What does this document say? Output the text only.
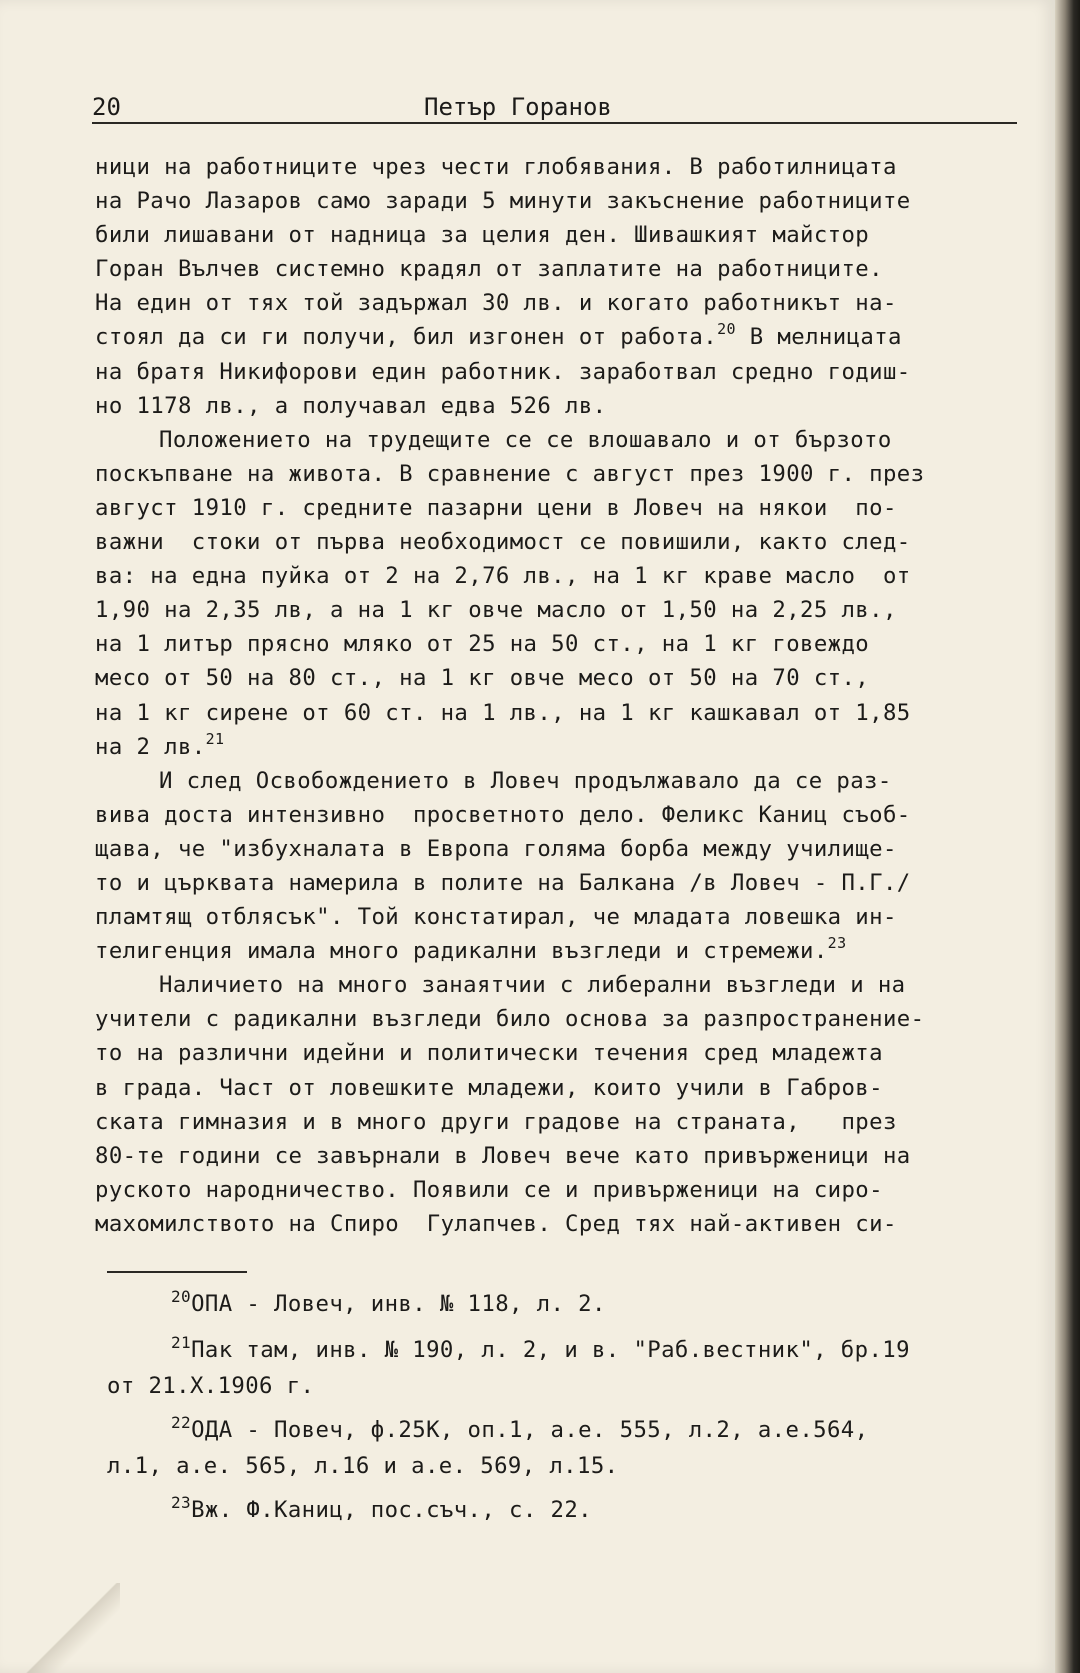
20	Петър Горанов
ници на работниците чрез чести глобявания. В работилницата
на Рачо Лазаров само заради 5 минути закъснение работниците
били лишавани от надница за целия ден. Шивашкият майстор
Горан Вълчев системно крадял от заплатите на работниците.
На един от тях той задържал 30 лв. и когато работникът на-
стоял да си ги получи, бил изгонен от работа.$^{20}$ В мелницата
на братя Никифорови един работник. заработвал средно годиш-
но 1178 лв., а получавал едва 526 лв.
Положението на трудещите се се влошавало и от бързото
поскъпване на живота. В сравнение с август през 1900 г. през
август 1910 г. средните пазарни цени в Ловеч на някои  по-
важни  стоки от първа необходимост се повишили, както след-
ва: на една пуйка от 2 на 2,76 лв., на 1 кг краве масло  от
1,90 на 2,35 лв, а на 1 кг овче масло от 1,50 на 2,25 лв.,
на 1 литър прясно мляко от 25 на 50 ст., на 1 кг говеждо
месо от 50 на 80 ст., на 1 кг овче месо от 50 на 70 ст.,
на 1 кг сирене от 60 ст. на 1 лв., на 1 кг кашкавал от 1,85
на 2 лв.$^{21}$
И след Освобождението в Ловеч продължавало да се раз-
вива доста интензивно  просветното дело. Феликс Каниц съоб-
щава, че "избухналата в Европа голяма борба между училище-
то и църквата намерила в полите на Балкана /в Ловеч - П.Г./
пламтящ отблясък". Той констатирал, че младата ловешка ин-
телигенция имала много радикални възгледи и стремежи.$^{23}$
Наличието на много занаятчии с либерални възгледи и на
учители с радикални възгледи било основа за разпространение-
то на различни идейни и политически течения сред младежта
в града. Част от ловешките младежи, които учили в Габров-
ската гимназия и в много други градове на страната,   през
80-те години се завърнали в Ловеч вече като привърженици на
руското народничество. Появили се и привърженици на сиро-
махомилството на Спиро  Гулапчев. Сред тях най-активен си-
$^{20}$ОПА - Ловеч, инв. № 118, л. 2.
$^{21}$Пак там, инв. № 190, л. 2, и в. "Раб.вестник", бр.19
от 21.X.1906 г.
$^{22}$ОДА - Повеч, ф.25К, оп.1, а.е. 555, л.2, а.е.564,
л.1, а.е. 565, л.16 и а.е. 569, л.15.
$^{23}$Вж. Ф.Каниц, пос.съч., с. 22.
